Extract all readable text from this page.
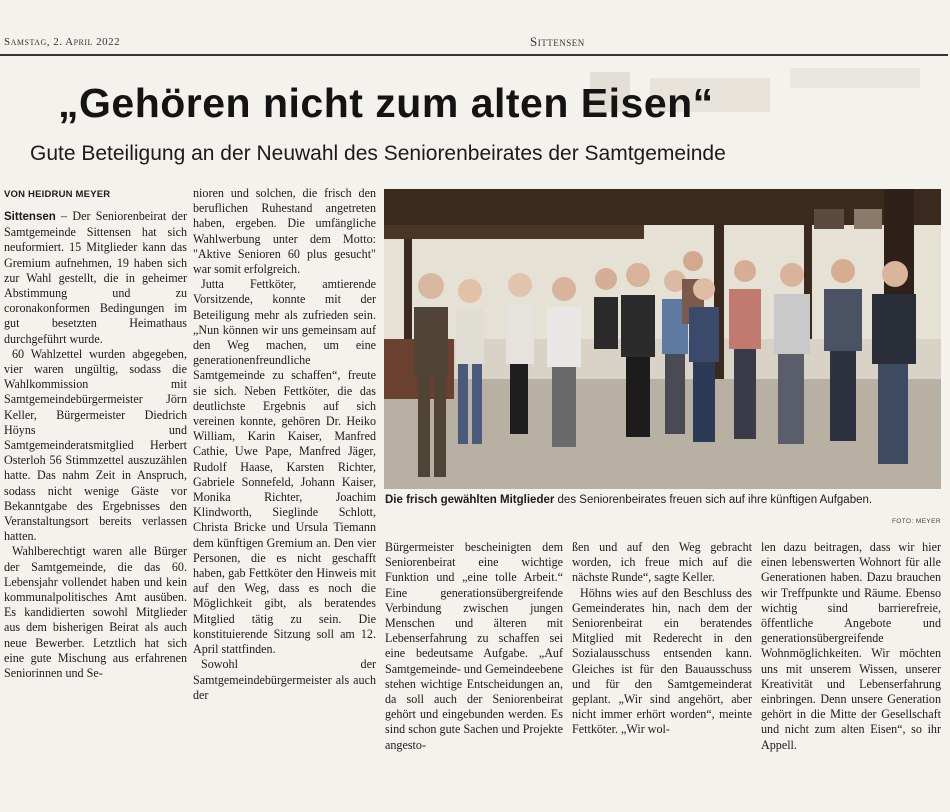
Samstag, 2. April 2022	Sittensen
„Gehören nicht zum alten Eisen“
Gute Beteiligung an der Neuwahl des Seniorenbeirates der Samtgemeinde
VON HEIDRUN MEYER

Sittensen – Der Seniorenbeirat der Samtgemeinde Sittensen hat sich neuformiert. 15 Mitglieder kann das Gremium aufnehmen, 19 haben sich zur Wahl gestellt, die in geheimer Abstimmung und zu coronakonformen Bedingungen im gut besetzten Heimathaus durchgeführt wurde.

60 Wahlzettel wurden abgegeben, vier waren ungültig, sodass die Wahlkommission mit Samtgemeindebürgermeister Jörn Keller, Bürgermeister Diedrich Höyns und Samtgemeinderatsmitglied Herbert Osterloh 56 Stimmzettel auszuzählen hatte. Das nahm Zeit in Anspruch, sodass nicht wenige Gäste vor Bekanntgabe des Ergebnisses den Veranstaltungsort bereits verlassen hatten.

Wahlberechtigt waren alle Bürger der Samtgemeinde, die das 60. Lebensjahr vollendet haben und kein kommunalpolitisches Amt ausüben. Es kandidierten sowohl Mitglieder aus dem bisherigen Beirat als auch neue Bewerber. Letztlich hat sich eine gute Mischung aus erfahrenen Seniorinnen und Se-

nioren und solchen, die frisch den beruflichen Ruhestand angetreten haben, ergeben. Die umfängliche Wahlwerbung unter dem Motto: "Aktive Senioren 60 plus gesucht" war somit erfolgreich.

Jutta Fettköter, amtierende Vorsitzende, konnte mit der Beteiligung mehr als zufrieden sein. „Nun können wir uns gemeinsam auf den Weg machen, um eine generationenfreundliche Samtgemeinde zu schaffen“, freute sie sich. Neben Fettköter, die das deutlichste Ergebnis auf sich vereinen konnte, gehören Dr. Heiko William, Karin Kaiser, Manfred Cathie, Uwe Pape, Manfred Jäger, Rudolf Haase, Karsten Richter, Gabriele Sonnefeld, Johann Kaiser, Monika Richter, Joachim Klindworth, Sieglinde Schlott, Christa Bricke und Ursula Tiemann dem künftigen Gremium an. Den vier Personen, die es nicht geschafft haben, gab Fettköter den Hinweis mit auf den Weg, dass es noch die Möglichkeit gibt, als beratendes Mitglied tätig zu sein. Die konstituierende Sitzung soll am 12. April stattfinden.

Sowohl der Samtgemeindebürgermeister als auch der

Die frisch gewählten Mitglieder des Seniorenbeirates freuen sich auf ihre künftigen Aufgaben.
FOTO: MEYER

Bürgermeister bescheinigten dem Seniorenbeirat eine wichtige Funktion und „eine tolle Arbeit.“ Eine generationsübergreifende Verbindung zwischen jungen Menschen und älteren mit Lebenserfahrung zu schaffen sei eine bedeutsame Aufgabe. „Auf Samtgemeinde- und Gemeindeebene stehen wichtige Entscheidungen an, da soll auch der Seniorenbeirat gehört und eingebunden werden. Es sind schon gute Sachen und Projekte angesto-

ßen und auf den Weg gebracht worden, ich freue mich auf die nächste Runde“, sagte Keller.

Höhns wies auf den Beschluss des Gemeinderates hin, nach dem der Seniorenbeirat ein beratendes Mitglied mit Rederecht in den Sozialausschuss entsenden kann. Gleiches ist für den Bauausschuss und für den Samtgemeinderat geplant. „Wir sind angehört, aber nicht immer erhört worden“, meinte Fettköter. „Wir wol-

len dazu beitragen, dass wir hier einen lebenswerten Wohnort für alle Generationen haben. Dazu brauchen wir Treffpunkte und Räume. Ebenso wichtig sind barrierefreie, öffentliche Angebote und generationsübergreifende Wohnmöglichkeiten. Wir möchten uns mit unserem Wissen, unserer Kreativität und Lebenserfahrung einbringen. Denn unsere Generation gehört in die Mitte der Gesellschaft und nicht zum alten Eisen“, so ihr Appell.
